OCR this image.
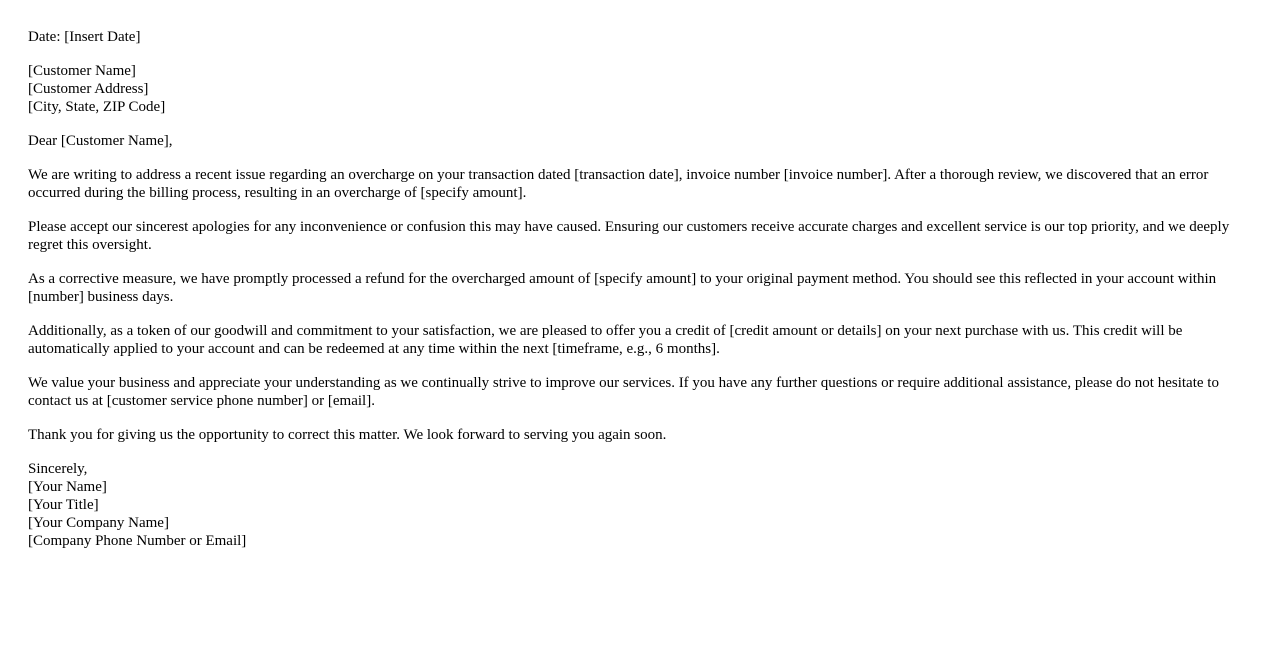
Date: [Insert Date]

[Customer Name]
[Customer Address]
[City, State, ZIP Code]

Dear [Customer Name],

We are writing to address a recent issue regarding an overcharge on your transaction dated [transaction date], invoice number [invoice number]. After a thorough review, we discovered that an error occurred during the billing process, resulting in an overcharge of [specify amount].

Please accept our sincerest apologies for any inconvenience or confusion this may have caused. Ensuring our customers receive accurate charges and excellent service is our top priority, and we deeply regret this oversight.

As a corrective measure, we have promptly processed a refund for the overcharged amount of [specify amount] to your original payment method. You should see this reflected in your account within [number] business days.

Additionally, as a token of our goodwill and commitment to your satisfaction, we are pleased to offer you a credit of [credit amount or details] on your next purchase with us. This credit will be automatically applied to your account and can be redeemed at any time within the next [timeframe, e.g., 6 months].

We value your business and appreciate your understanding as we continually strive to improve our services. If you have any further questions or require additional assistance, please do not hesitate to contact us at [customer service phone number] or [email].

Thank you for giving us the opportunity to correct this matter. We look forward to serving you again soon.

Sincerely,
[Your Name]
[Your Title]
[Your Company Name]
[Company Phone Number or Email]
